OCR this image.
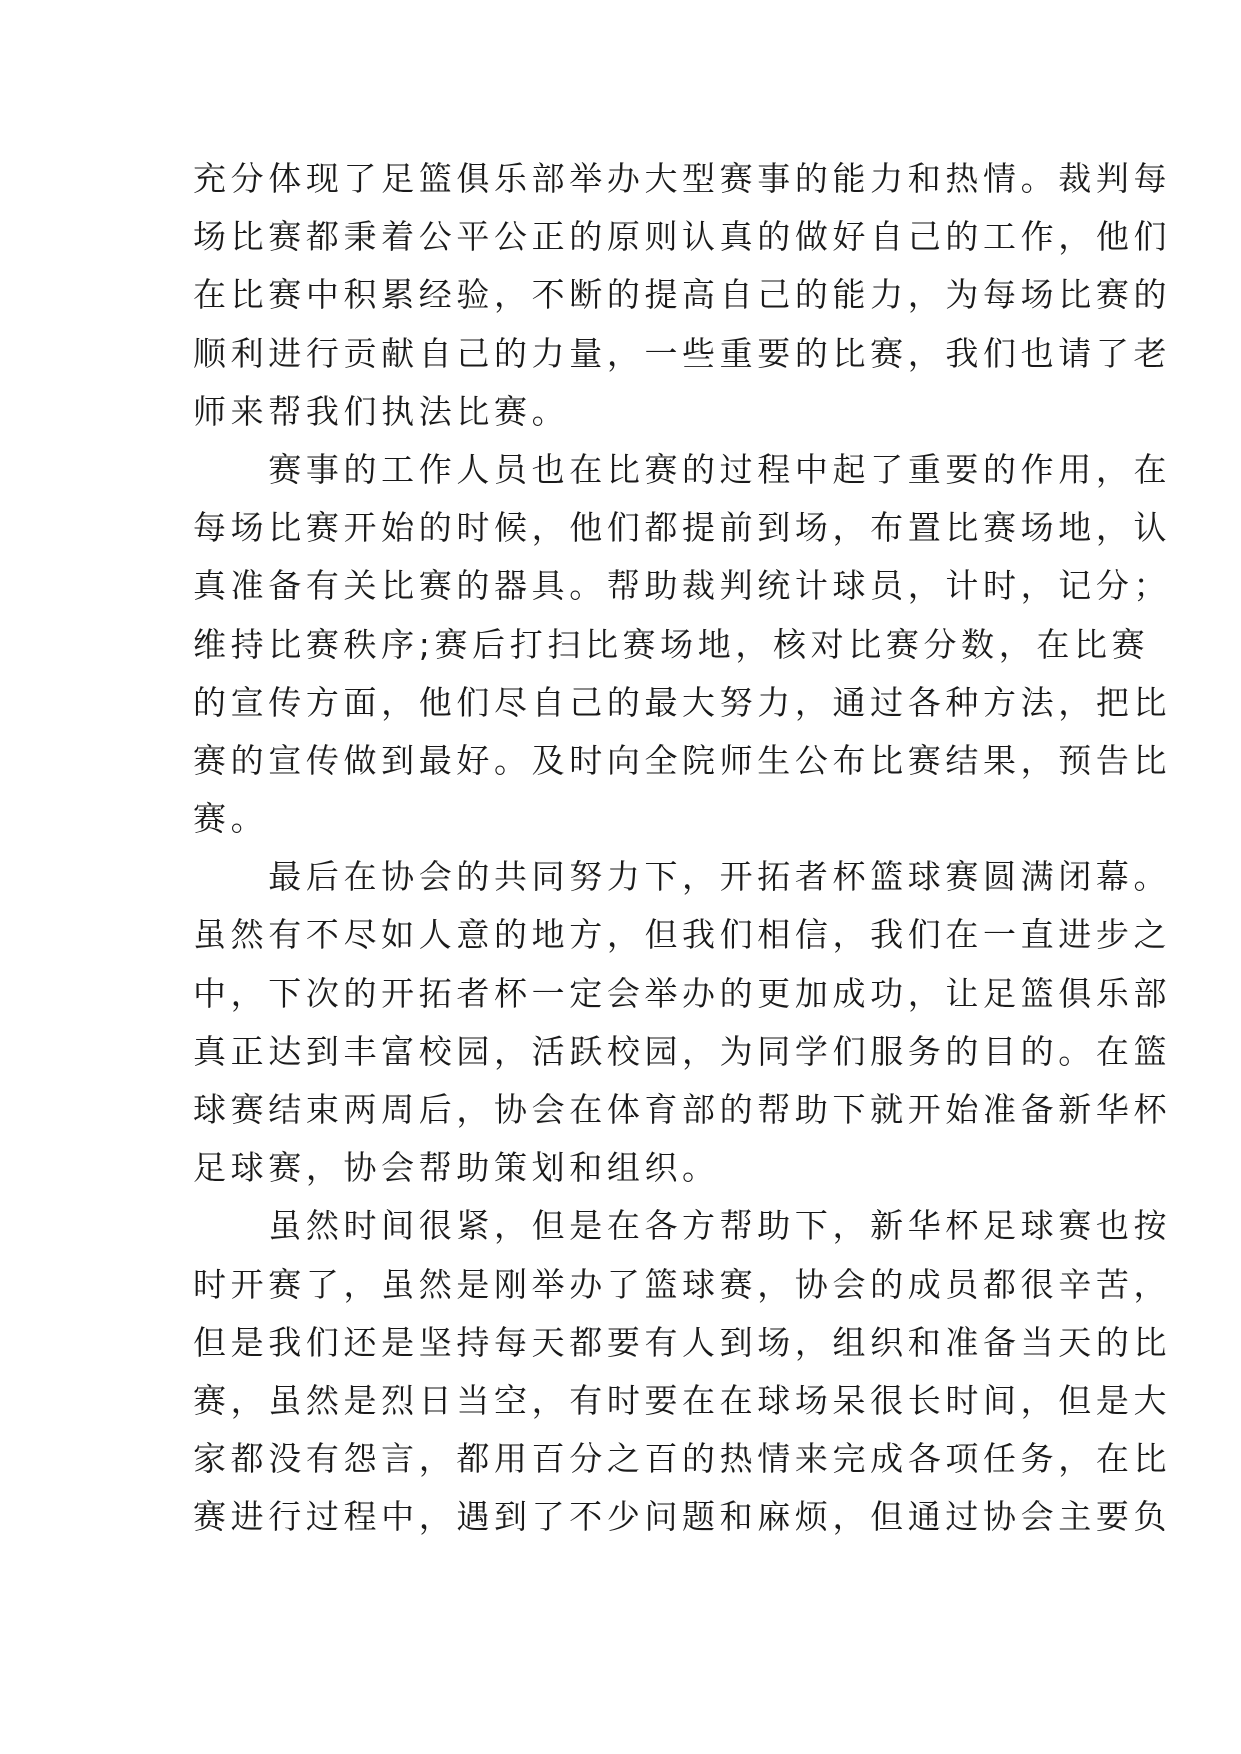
充分体现了足篮俱乐部举办大型赛事的能力和热情。裁判每
场比赛都秉着公平公正的原则认真的做好自己的工作，他们
在比赛中积累经验，不断的提高自己的能力，为每场比赛的
顺利进行贡献自己的力量，一些重要的比赛，我们也请了老
师来帮我们执法比赛。
　　赛事的工作人员也在比赛的过程中起了重要的作用，在
每场比赛开始的时候，他们都提前到场，布置比赛场地，认
真准备有关比赛的器具。帮助裁判统计球员，计时，记分；
维持比赛秩序;赛后打扫比赛场地，核对比赛分数，在比赛
的宣传方面，他们尽自己的最大努力，通过各种方法，把比
赛的宣传做到最好。及时向全院师生公布比赛结果，预告比
赛。
　　最后在协会的共同努力下，开拓者杯篮球赛圆满闭幕。
虽然有不尽如人意的地方，但我们相信，我们在一直进步之
中，下次的开拓者杯一定会举办的更加成功，让足篮俱乐部
真正达到丰富校园，活跃校园，为同学们服务的目的。在篮
球赛结束两周后，协会在体育部的帮助下就开始准备新华杯
足球赛，协会帮助策划和组织。
　　虽然时间很紧，但是在各方帮助下，新华杯足球赛也按
时开赛了，虽然是刚举办了篮球赛，协会的成员都很辛苦，
但是我们还是坚持每天都要有人到场，组织和准备当天的比
赛，虽然是烈日当空，有时要在在球场呆很长时间，但是大
家都没有怨言，都用百分之百的热情来完成各项任务，在比
赛进行过程中，遇到了不少问题和麻烦，但通过协会主要负
